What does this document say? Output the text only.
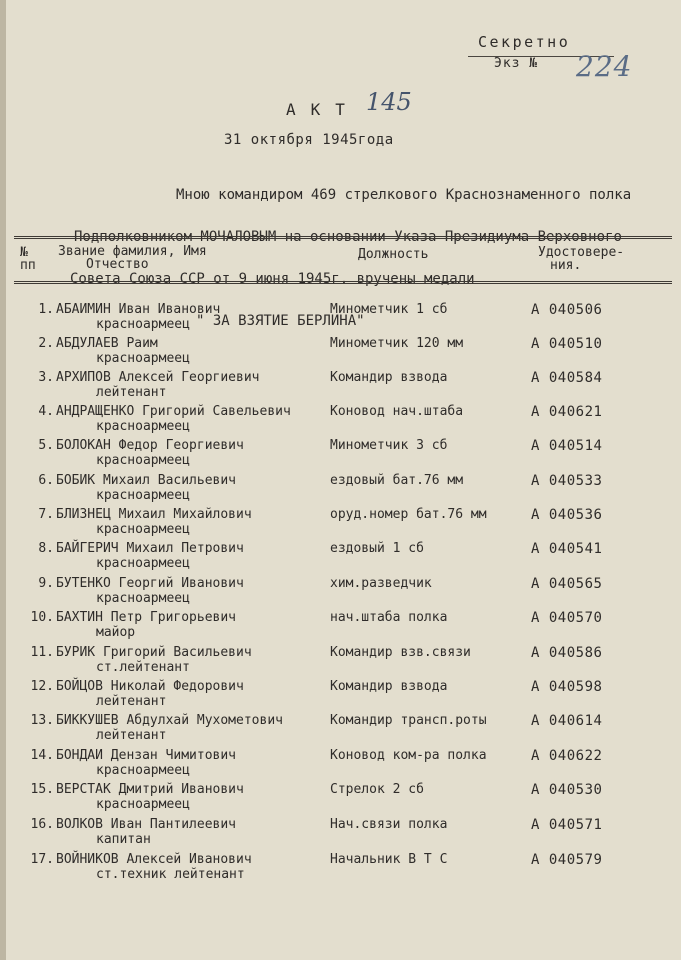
Секретно
Экз № 224
АКТ 145
31 октября 1945года

Мною командиром 469 стрелкового Краснознаменного полка

Подполковником МОЧАЛОВЫМ на основании Указа Президиума Верховного

Совета Союза ССР от 9 июня 1945г. вручены медали

" ЗА ВЗЯТИЕ БЕРЛИНА"

№
пп
Звание фамилия, Имя
Отчество
Должность	Удостовере-
ния.
1. АБАИМИН Иван Иванович
красноармеец
Минометчик 1 сб	А 040506
2. АБДУЛАЕВ Раим
красноармеец
Минометчик 120 мм	А 040510
3. АРХИПОВ Алексей Георгиевич
лейтенант
Командир взвода	А 040584
4. АНДРАЩЕНКО Григорий Савельевич
красноармеец
Коновод нач.штаба	А 040621
5. БОЛОКАН Федор Георгиевич
красноармеец
Минометчик 3 сб	А 040514
6. БОБИК Михаил Васильевич
красноармеец
ездовый бат.76 мм	А 040533
7. БЛИЗНЕЦ Михаил Михайлович
красноармеец
оруд.номер бат.76 мм	А 040536
8. БАЙГЕРИЧ Михаил Петрович
красноармеец
ездовый 1 сб	А 040541
9. БУТЕНКО Георгий Иванович
красноармеец
хим.разведчик	А 040565
10. БАХТИН Петр Григорьевич
майор
нач.штаба полка	А 040570
11. БУРИК Григорий Васильевич
ст.лейтенант
Командир взв.связи	А 040586
12. БОЙЦОВ Николай Федорович
лейтенант
Командир взвода	А 040598
13. БИККУШЕВ Абдулхай Мухометович
лейтенант
Командир трансп.роты	А 040614
14. БОНДАИ Дензан Чимитович
красноармеец
Коновод ком-ра полка	А 040622
15. ВЕРСТАК Дмитрий Иванович
красноармеец
Стрелок 2 сб	А 040530
16. ВОЛКОВ Иван Пантилеевич
капитан
Нач.связи полка	А 040571
17. ВОЙНИКОВ Алексей Иванович
ст.техник лейтенант
Начальник В Т С	А 040579
